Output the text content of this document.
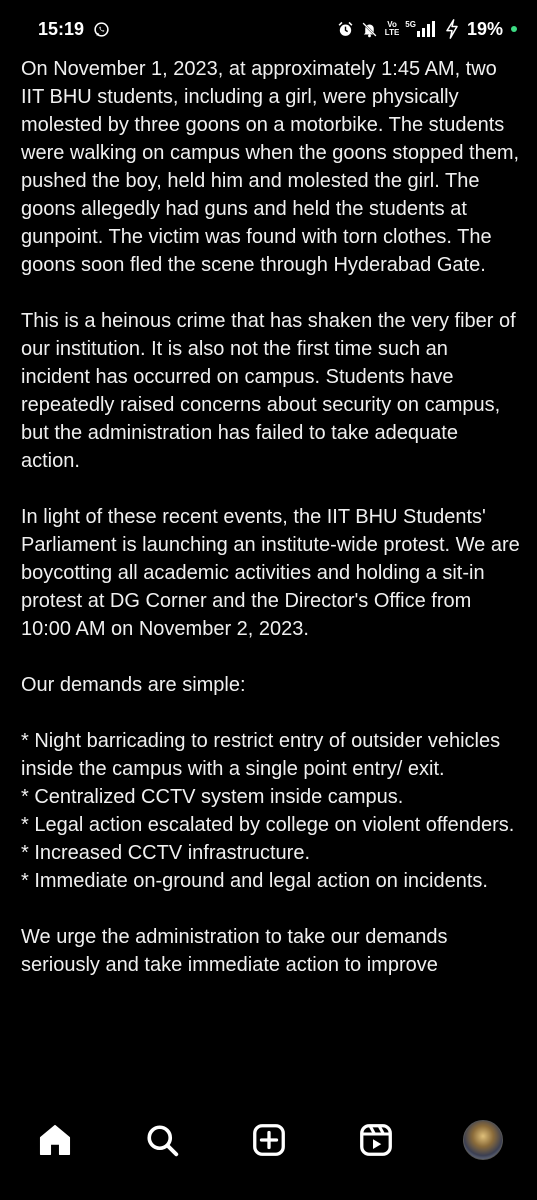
15:19	Vo
LTE
5G	19%

On November 1, 2023, at approximately 1:45 AM, two IIT BHU students, including a girl, were physically molested by three goons on a motorbike. The students were walking on campus when the goons stopped them, pushed the boy, held him and molested the girl. The goons allegedly had guns and held the students at gunpoint. The victim was found with torn clothes. The goons soon fled the scene through Hyderabad Gate.

This is a heinous crime that has shaken the very fiber of our institution. It is also not the first time such an incident has occurred on campus. Students have repeatedly raised concerns about security on campus, but the administration has failed to take adequate action.

In light of these recent events, the IIT BHU Students' Parliament is launching an institute-wide protest. We are boycotting all academic activities and holding a sit-in protest at DG Corner and the Director's Office from 10:00 AM on November 2, 2023.

Our demands are simple:

* Night barricading to restrict entry of outsider vehicles inside the campus with a single point entry/ exit.

* Centralized CCTV system inside campus.

* Legal action escalated by college on violent offenders.

* Increased CCTV infrastructure.

* Immediate on-ground and legal action on incidents.

We urge the administration to take our demands seriously and take immediate action to improve
